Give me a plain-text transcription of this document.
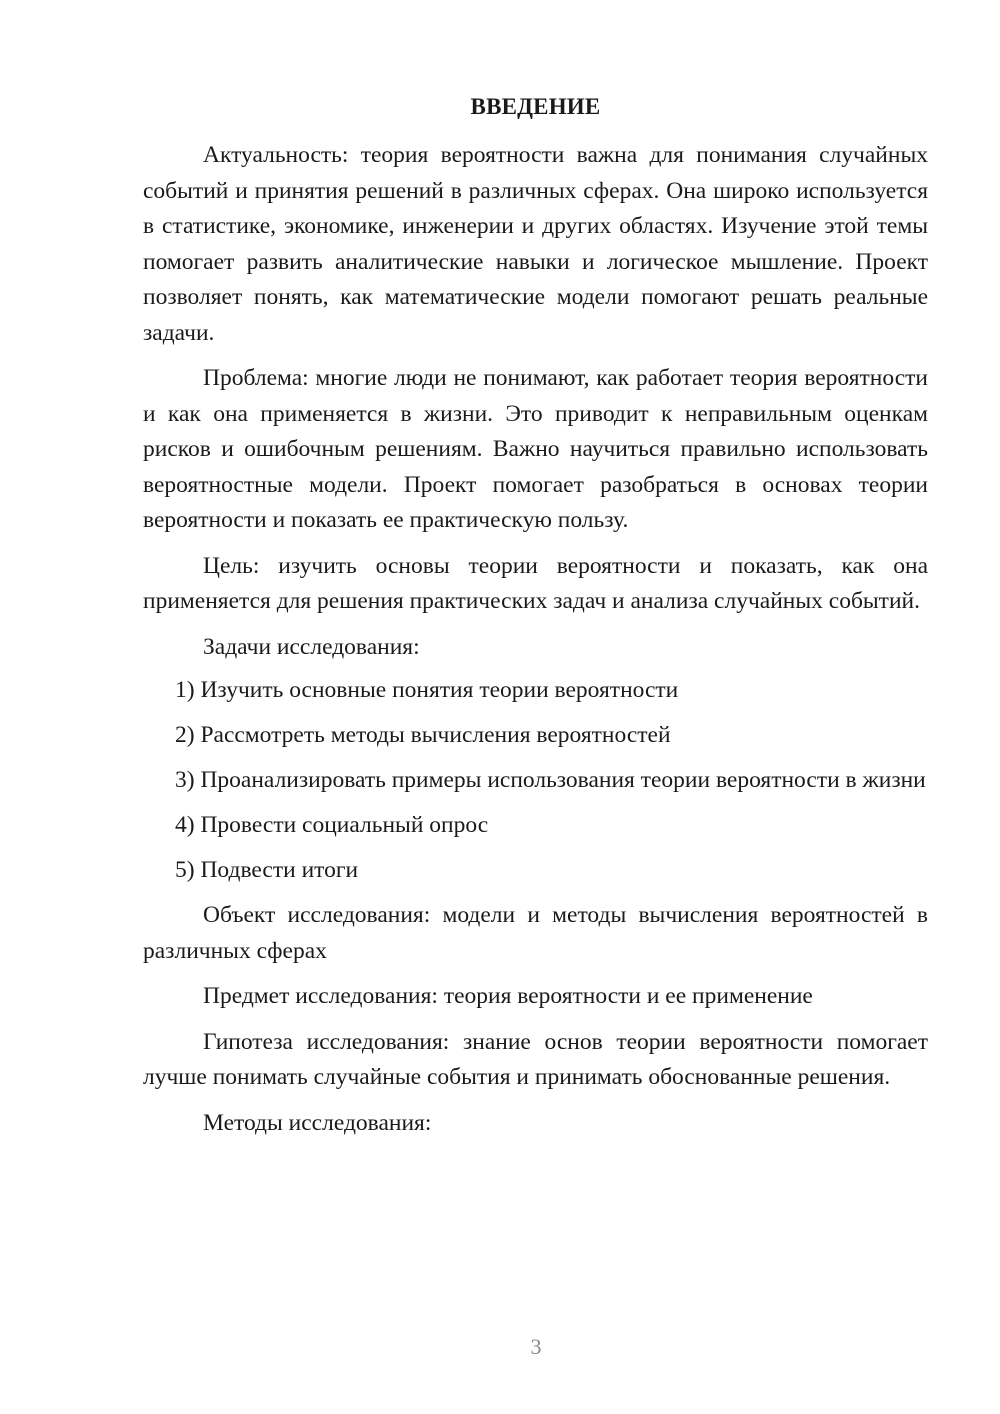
ВВЕДЕНИЕ

Актуальность: теория вероятности важна для понимания случайных событий и принятия решений в различных сферах. Она широко используется в статистике, экономике, инженерии и других областях. Изучение этой темы помогает развить аналитические навыки и логическое мышление. Проект позволяет понять, как математические модели помогают решать реальные задачи.

Проблема: многие люди не понимают, как работает теория вероятности и как она применяется в жизни. Это приводит к неправильным оценкам рисков и ошибочным решениям. Важно научиться правильно использовать вероятностные модели. Проект помогает разобраться в основах теории вероятности и показать ее практическую пользу.

Цель: изучить основы теории вероятности и показать, как она применяется для решения практических задач и анализа случайных событий.

Задачи исследования:

1) Изучить основные понятия теории вероятности

2) Рассмотреть методы вычисления вероятностей

3) Проанализировать примеры использования теории вероятности в жизни

4) Провести социальный опрос

5) Подвести итоги

Объект исследования: модели и методы вычисления вероятностей в различных сферах

Предмет исследования: теория вероятности и ее применение

Гипотеза исследования: знание основ теории вероятности помогает лучше понимать случайные события и принимать обоснованные решения.

Методы исследования:

3
